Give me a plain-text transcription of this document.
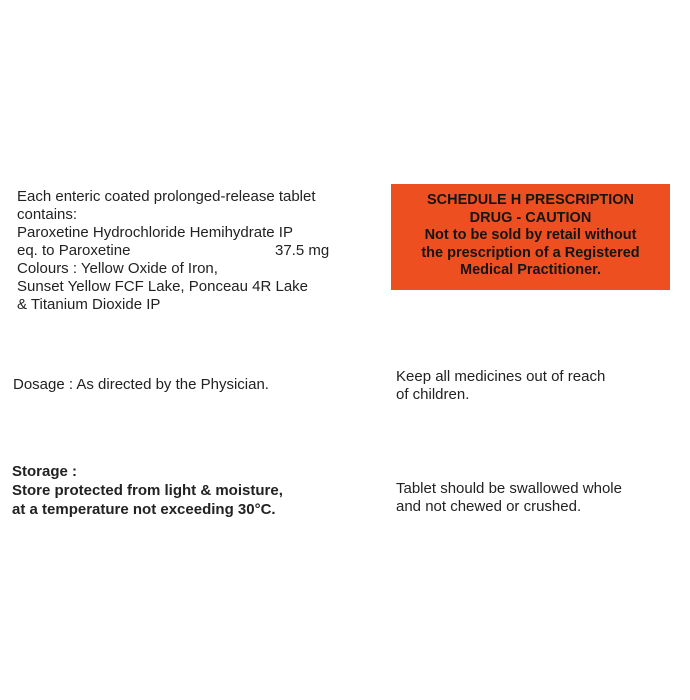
Each enteric coated prolonged-release tablet
contains:
Paroxetine Hydrochloride Hemihydrate IP
eq. to Paroxetine	37.5 mg
Colours : Yellow Oxide of Iron,
Sunset Yellow FCF Lake, Ponceau 4R Lake
& Titanium Dioxide IP
SCHEDULE H PRESCRIPTION
DRUG - CAUTION
Not to be sold by retail without
the prescription of a Registered
Medical Practitioner.
Dosage : As directed by the Physician.	Keep all medicines out of reach
of children.
Storage :
Store protected from light & moisture,
at a temperature not exceeding 30°C.
Tablet should be swallowed whole
and not chewed or crushed.
